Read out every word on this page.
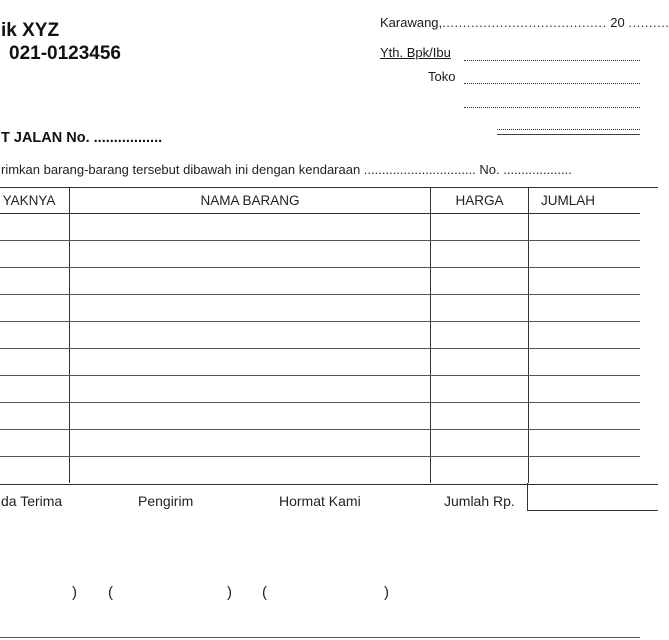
ik XYZ
021-0123456
Karawang,........................................ 20 ..........
Yth. Bpk/Ibu
Toko
T JALAN No. .................
rimkan barang-barang tersebut dibawah ini dengan kendaraan ............................... No. ...................
YAKNYA	NAMA BARANG	HARGA	JUMLAH
da Terima	Pengirim	Hormat Kami	Jumlah Rp.
) (	) (	)
